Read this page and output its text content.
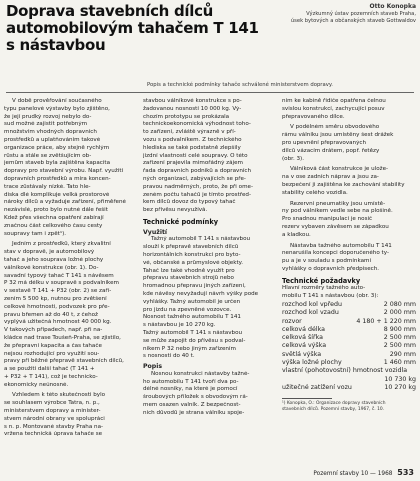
Doprava stavebních dílců
automobilovým tahačem T 141
s nástavbou
Otto Konopka
Výzkumný ústav pozemních staveb Praha,
úsek bytových a občanských staveb Gottwaldov
Popis a technické podmínky tahače schválené ministerstvem dopravy.
V době prověřování současného
typu panelové výstavby bylo zjištěno,
že její prudký rozvoj nebylo do-
sud možné zajistit potřebným
množstvím vhodných dopravních
prostředků a uplatňováním takové
organizace práce, aby stejně rychlým
růstu a stále se zvětšujícím ob-
jemům staveb byla zajištěna kapacita
dopravy pro stavební výrobu. Např. využití
dopravních prostředků a míra koncen-
trace zůstávaly nízké. Tato hle-
diska dlé komplikuje velká prostorové
nároky dílců a vyžaduje zařízení, přiměřené
nezávislé, proto bylo nutné dále řešit
Kdež přes všechna opatření zabírají
značnou část celkového času cesty
soupravy tam i zpět¹).
Jedním z prostředků, který zkvalitní
stav v dopravě, je automobilový
tahač a jeho souprava ložné plochy
válníkové konstrukce (obr. 1). Do-
savadní typový tahač T 141 s návěsem
P 32 má délku v soupravě s podvalníkem
v sestavě T 141 + P32 (obr. 2) se zaří-
zením 5 500 kp, nutnou pro zvětšení
celkové hmotnosti, podvozek pro pře-
pravu břemen až do 40 t, z čehož
vyplývá užitečná hmotnost 40 000 kg.
V takových případech, např. při na-
kládce nad trase Toušeň-Praha, se zjistilo,
že přepravní kapacita a čas tahače
nejsou rozhodující pro využití sou-
pravy při běžné přepravě stavebních dílců,
a se použití další tahač (T 141 +
+ P32 + T 141), což je technicko-
ekonomicky neúnosné.
Vzhledem k této skutečnosti bylo
se souhlasem výrobce Tatra, n. p.,
ministerstvem dopravy a minister-
stvem národní obrany ve spolupráci
s n. p. Montované stavby Praha na-
vržena technická úprava tahače se
stavbou válníkové konstrukce s po-
žadovanou nosností 10 000 kg. Vý-
chozím prototypu se prokázala
technickoekonomická výhodnost toho-
to zařízení, zvláště výrazně v pří-
vozu s podvalníkem. Z technického
hlediska se také podstatně zlepšily
jízdní vlastnosti celé soupravy. O této
zařízení prajevila mimořádný zájem
řada dopravních podniků a dopravních
ných organizací, zabývajících se pře-
pravou nadměrných, proto, že při ome-
zeném počtu tahačů je tímto prostřed-
kem dílců dovoz do typový tahač
bez přívěsu nevyužívá.
Technické podmínky
Využití
Tažný automobil T 141 s nástavbou
slouží k přepravě stavebních dílců
horizontálních konstrukcí pro byto-
vé, občanské a průmyslové objekty.
Tahač lze také vhodně využít pro
přepravu stavebních strojů nebo
hromadnou přepravu jiných zařízení,
kde návěsy nevyžadují návrh výšky pode
vyhlášky. Tažný automobil je určen
pro jízdu na zpevněné vozovce.
Nosnost tažného automobilu T 141
s nástavbou je 10 270 kg.
Tažný automobil T 141 s nástavbou
se může zapojit do přívěsu s podval-
níkem P 32 nebo jiným zařízením
s nosností do 40 t.
Popis
Nosnou konstrukci nástavby tažné-
ho automobilu T 141 tvoří dva po-
délné nosníky, na které je pomocí
šroubových příložek s obvodovým rá-
mem osazen valník. Z bezpečnost-
ních důvodů je strana válníku spoje-
ním ke kabině řidiče opatřena čelnou
svislou konstrukcí, zachycující posuv
přepravovaného dílce.
V podélném směru obvodového
rámu válníku jsou umístěny šest drážek
pro upevnění přepravovaných
dílců vázacím drátem, popř. řetězy
(obr. 3).
Válníková část konstrukce je ulože-
na v ose zadních náprav a jsou za-
bezpečení ji zajištěna ke zachování stability
stability celého vozidla.
Rezervní pneumatiky jsou umístě-
ny pod válníkem vedle sebe na plošině.
Pro snadnou manipulaci je nosič
rezerv vybaven závěsem se západkou
a kladkou.
Nástavba tažného automobilu T 141
nenarušila koncepci doporučeného ty-
pu a je v souladu s podmínkami
vyhlášky o dopravních předpisech.
Technické požadavky
Hlavní rozměry tažného auto-
mobilu T 141 s nástavbou (obr. 3):
rozchod kol vpředu	2 080 mm
rozchod kol vzadu	2 000 mm
rozvor	4 180 + 1 220 mm
celková délka	8 900 mm
celková šířka	2 500 mm
celková výška	2 500 mm
světlá výška	290 mm
výška ložné plochy	1 460 mm
vlastní (pohotovostní) hmotnost vozidla
10 730 kg
užitečné zatížení vozu	10 270 kg
¹) Konopka, O.: Organizace dopravy stavebních
stavebních dílců. Pozemní stavby, 1967, č. 10.
Pozemní stavby 10 — 1968 533
